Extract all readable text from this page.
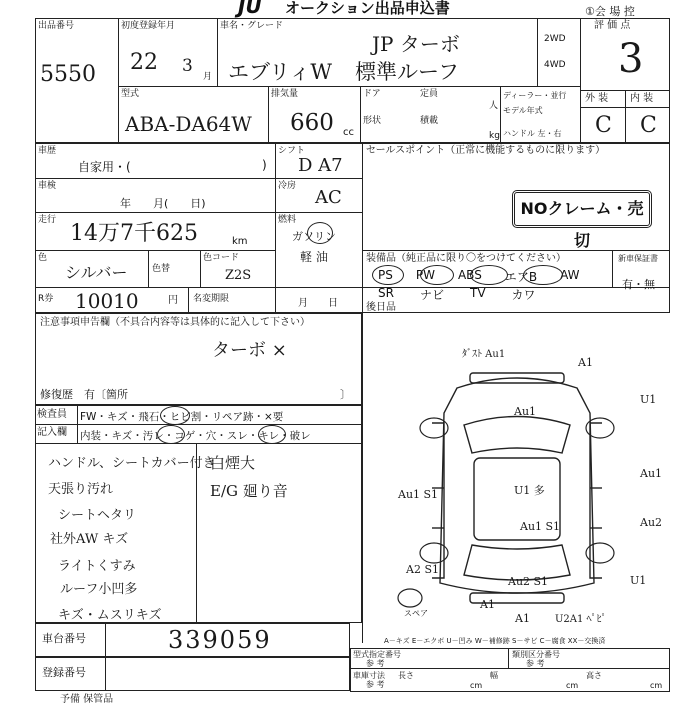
JU オークション出品申込書	①会 場 控
出品番号
5550
初度登録年月
22 3
月
車名・グレード
JP ターボ
エブリィW 標準ルーフ
2WD
4WD
評 価 点
3
外 装 内 装
C C
型式
ABA-DA64W
排気量
660 cc
ドア	定員
人
形状	積載
kg
ディーラー・並行
モデル年式
ハンドル 左・右
車歴
自家用・(	)
車検
年　　月(　　日)
走行
14万7千625	km
色
シルバー	色替
色コード
Z2S
R券 10010	円 名変期限	月　　日
シフト
D A7
冷房
AC
燃料
ガソリン
軽 油
セールスポイント（正常に機能するものに限ります）
NOクレーム・売切
装備品（純正品に限り〇をつけてください）
PS PW ABS エアB AW
SR ナビ TV カワ
新車保証書
有・無
後日品
注意事項申告欄（不具合内容等は具体的に記入して下さい）
ターボ ×
修復歴　有〔箇所	〕
検査員
記入欄
FW・キズ・飛石・ヒビ割・リペア跡・×要
内装・キズ・汚レ・コゲ・穴・スレ・キレ・破レ
ハンドル、シートカバー付き
天張り汚れ
シートヘタリ
社外AW キズ
ライトくすみ
ルーフ小凹多
キズ・ムスリキズ
白煙大
E/G 廻り音
ﾀﾞｽﾄ Au1
A1
U1
Au1
Au1 S1	U1 多
Au1
Au1 S1	Au2
A2 S1
Au2 S1
A1
A1	U2A1 ﾍﾟﾋﾟ
U1
スペア
A－キズ E－エクボ U－凹み W－補修跡 S－サビ C－腐食 XX－交換済
車台番号	339059
登録番号
型式指定番号
参 考
類別区分番号
参 考
車庫寸法
参 考
長さ
cm
幅
cm
高さ
cm
予備 保管品
